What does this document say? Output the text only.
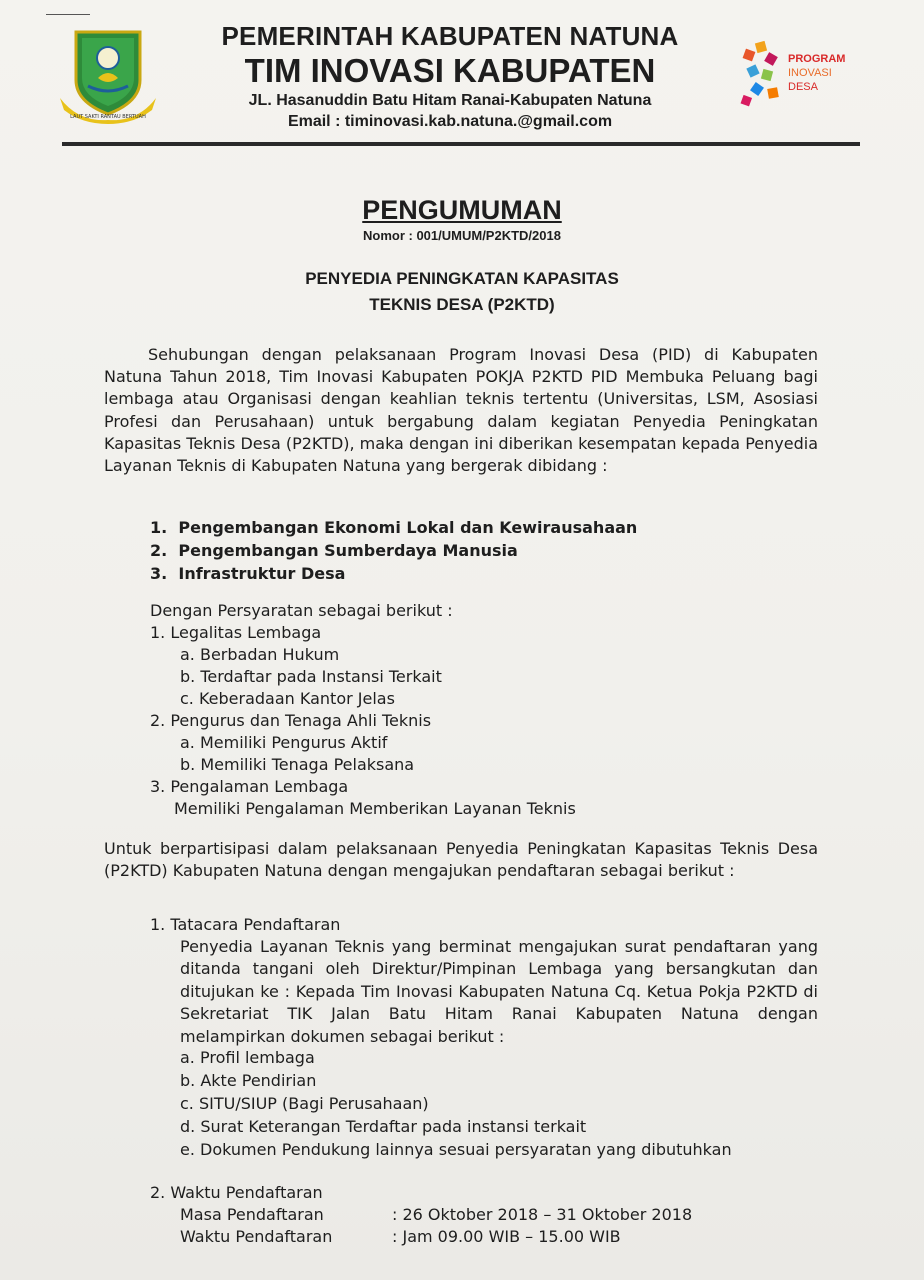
LAUT SAKTI RANTAU BERTUAH

PEMERINTAH KABUPATEN NATUNA

TIM INOVASI KABUPATEN

JL. Hasanuddin Batu Hitam Ranai-Kabupaten Natuna

Email : timinovasi.kab.natuna.@gmail.com

PROGRAM
INOVASI
DESA

PENGUMUMAN

Nomor : 001/UMUM/P2KTD/2018

PENYEDIA PENINGKATAN KAPASITAS
TEKNIS DESA (P2KTD)
Sehubungan dengan pelaksanaan Program Inovasi Desa (PID) di Kabupaten Natuna Tahun 2018, Tim Inovasi Kabupaten POKJA P2KTD PID Membuka Peluang bagi lembaga atau Organisasi dengan keahlian teknis tertentu (Universitas, LSM, Asosiasi Profesi dan Perusahaan) untuk bergabung dalam kegiatan Penyedia Peningkatan Kapasitas Teknis Desa (P2KTD), maka dengan ini diberikan kesempatan kepada Penyedia Layanan Teknis di Kabupaten Natuna yang bergerak dibidang :
1. Pengembangan Ekonomi Lokal dan Kewirausahaan
2. Pengembangan Sumberdaya Manusia
3. Infrastruktur Desa
Dengan Persyaratan sebagai berikut :
1. Legalitas Lembaga
a. Berbadan Hukum
b. Terdaftar pada Instansi Terkait
c. Keberadaan Kantor Jelas
2. Pengurus dan Tenaga Ahli Teknis
a. Memiliki Pengurus Aktif
b. Memiliki Tenaga Pelaksana
3. Pengalaman Lembaga
Memiliki Pengalaman Memberikan Layanan Teknis
Untuk berpartisipasi dalam pelaksanaan Penyedia Peningkatan Kapasitas Teknis Desa (P2KTD) Kabupaten Natuna dengan mengajukan pendaftaran sebagai berikut :
1. Tatacara Pendaftaran
Penyedia Layanan Teknis yang berminat mengajukan surat pendaftaran yang ditanda tangani oleh Direktur/Pimpinan Lembaga yang bersangkutan dan ditujukan ke : Kepada Tim Inovasi Kabupaten Natuna Cq. Ketua Pokja P2KTD di Sekretariat TIK Jalan Batu Hitam Ranai Kabupaten Natuna dengan melampirkan dokumen sebagai berikut :
a. Profil lembaga
b. Akte Pendirian
c. SITU/SIUP (Bagi Perusahaan)
d. Surat Keterangan Terdaftar pada instansi terkait
e. Dokumen Pendukung lainnya sesuai persyaratan yang dibutuhkan
2. Waktu Pendaftaran
Masa Pendaftaran	: 26 Oktober 2018 – 31 Oktober 2018
Waktu Pendaftaran	: Jam 09.00 WIB – 15.00 WIB
